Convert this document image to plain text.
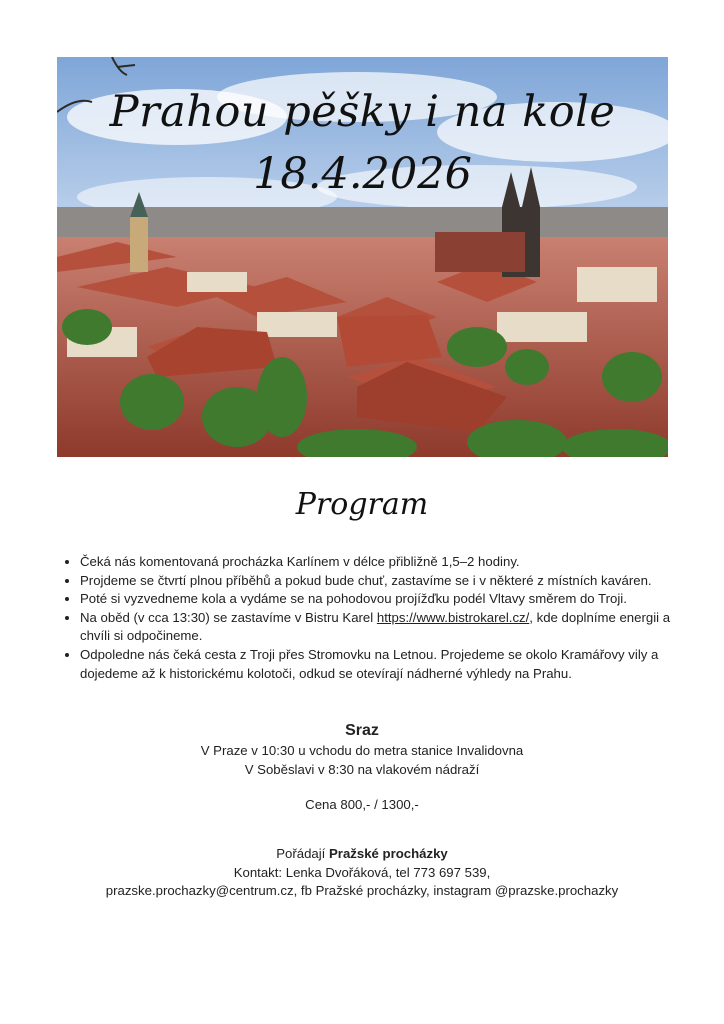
Prahou pěšky i na kole
18.4.2026
Program
• Čeká nás komentovaná procházka Karlínem v délce přibližně 1,5–2 hodiny.
• Projdeme se čtvrtí plnou příběhů a pokud bude chuť, zastavíme se i v některé z místních kaváren.
• Poté si vyzvedneme kola a vydáme se na pohodovou projížďku podél Vltavy směrem do Troji.
• Na oběd (v cca 13:30) se zastavíme v Bistru Karel https://www.bistrokarel.cz/, kde doplníme energii a chvíli si odpočineme.
• Odpoledne nás čeká cesta z Troji přes Stromovku na Letnou. Projedeme se okolo Kramářovy vily a dojedeme až k historickému kolotoči, odkud se otevírají nádherné výhledy na Prahu.
Sraz
V Praze v 10:30 u vchodu do metra stanice Invalidovna
V Soběslavi v 8:30 na vlakovém nádraží
Cena 800,- / 1300,-
Pořádají Pražské procházky
Kontakt: Lenka Dvořáková, tel 773 697 539,
prazske.prochazky@centrum.cz, fb Pražské procházky, instagram @prazske.prochazky
